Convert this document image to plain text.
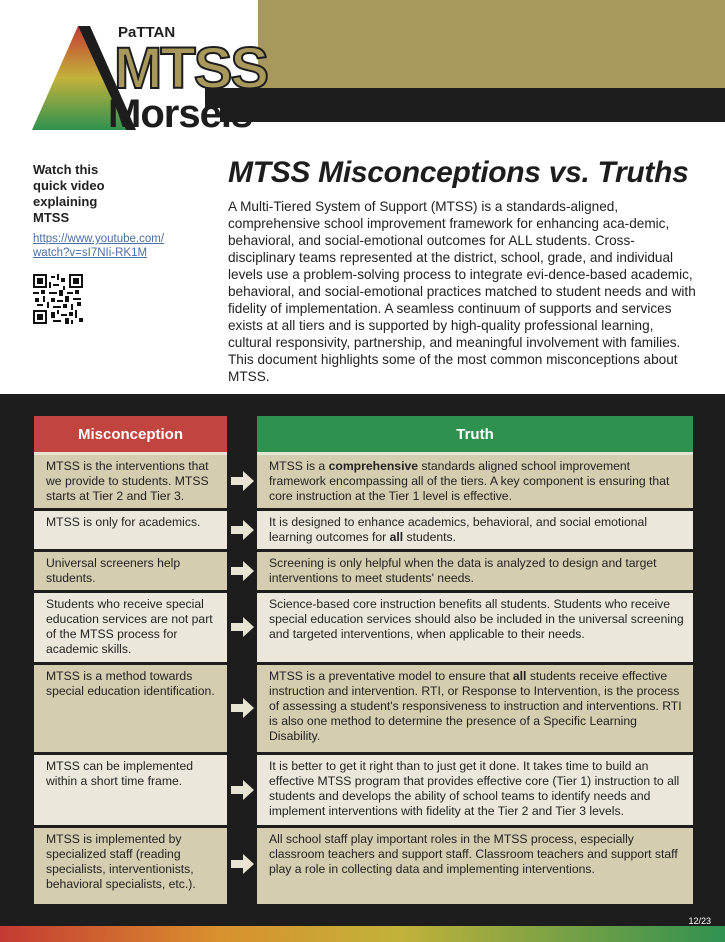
PaTTAN
MTSS
Morsels
Watch this
quick video
explaining
MTSS
https://www.youtube.com/
watch?v=sI7NIi-RK1M
MTSS Misconceptions vs. Truths
A Multi-Tiered System of Support (MTSS) is a standards-aligned, comprehensive school improvement framework for enhancing aca-demic, behavioral, and social-emotional outcomes for ALL students. Cross-disciplinary teams represented at the district, school, grade, and individual levels use a problem-solving process to integrate evi-dence-based academic, behavioral, and social-emotional practices matched to student needs and with fidelity of implementation. A seamless continuum of supports and services exists at all tiers and is supported by high-quality professional learning, cultural responsivity, partnership, and meaningful involvement with families. This document highlights some of the most common misconceptions about MTSS.
Misconception	Truth
MTSS is the interventions that we provide to students. MTSS starts at Tier 2 and Tier 3.
MTSS is a comprehensive standards aligned school improvement framework encompassing all of the tiers. A key component is ensuring that core instruction at the Tier 1 level is effective.
MTSS is only for academics.	It is designed to enhance academics, behavioral, and social emotional learning outcomes for all students.
Universal screeners help students.
Screening is only helpful when the data is analyzed to design and target interventions to meet students' needs.
Students who receive special education services are not part of the MTSS process for academic skills.
Science-based core instruction benefits all students. Students who receive special education services should also be included in the universal screening and targeted interventions, when applicable to their needs.
MTSS is a method towards special education identification.
MTSS is a preventative model to ensure that all students receive effective instruction and intervention. RTI, or Response to Intervention, is the process of assessing a student's responsiveness to instruction and interventions. RTI is also one method to determine the presence of a Specific Learning Disability.
MTSS can be implemented within a short time frame.
It is better to get it right than to just get it done. It takes time to build an effective MTSS program that provides effective core (Tier 1) instruction to all students and develops the ability of school teams to identify needs and implement interventions with fidelity at the Tier 2 and Tier 3 levels.
MTSS is implemented by specialized staff (reading specialists, interventionists, behavioral specialists, etc.).
All school staff play important roles in the MTSS process, especially classroom teachers and support staff. Classroom teachers and support staff play a role in collecting data and implementing interventions.
12/23
